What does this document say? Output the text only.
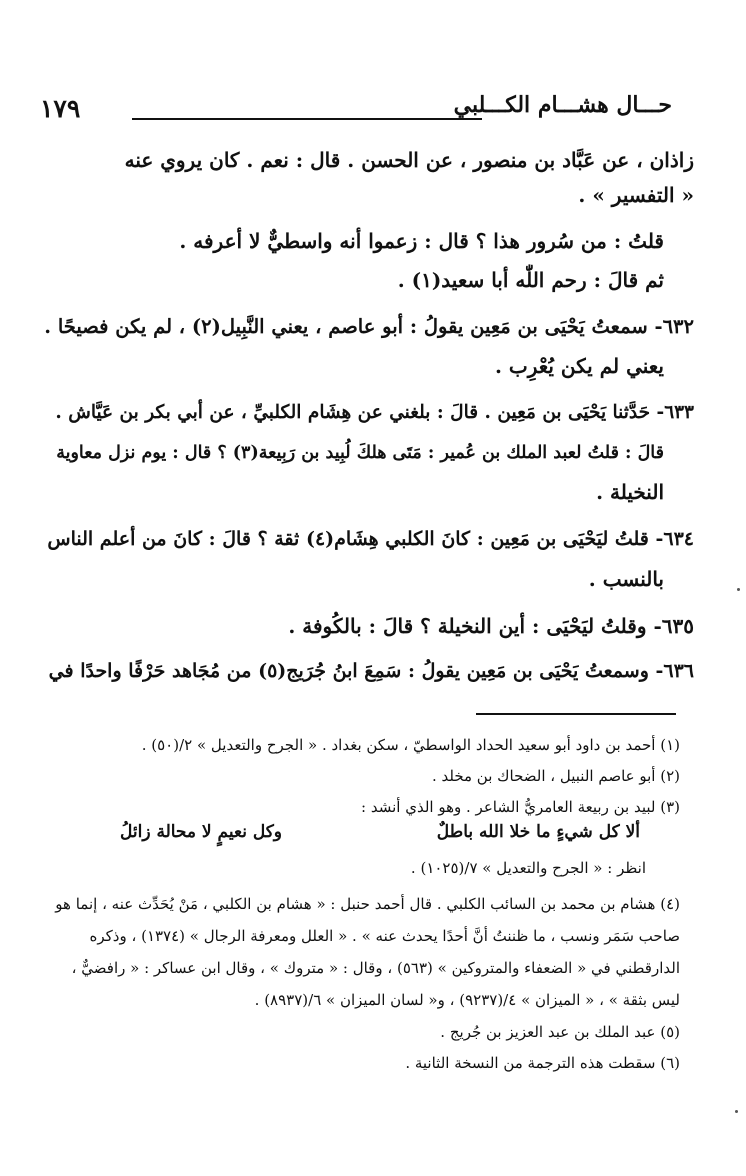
١٧٩	حـــال هشـــام الكـــلبي
زاذان ، عن عَبَّاد بن منصور ، عن الحسن . قال : نعم . كان يروي عنه
« التفسير » .
قلتُ : من سُرور هذا ؟ قال : زعموا أنه واسطيٌّ لا أعرفه .
ثم قالَ : رحم اللّٰه أبا سعيد(١) .
٦٣٢- سمعتُ يَحْيَى بن مَعِين يقولُ : أبو عاصم ، يعني النَّبِيل(٢) ، لم يكن فصيحًا .
يعني لم يكن يُعْرِب .
٦٣٣- حَدَّثنا يَحْيَى بن مَعِين . قالَ : بلغني عن هِشَام الكلبيِّ ، عن أبي بكر بن عَيَّاش .
قالَ : قلتُ لعبد الملك بن عُمير : مَتَى هلكَ لُبِيد بن رَبِيعة(٣) ؟ قال : يوم نزل معاوية
النخيلة .
٦٣٤- قلتُ ليَحْيَى بن مَعِين : كانَ الكلبي هِشَام(٤) ثقة ؟ قالَ : كانَ من أعلم الناس
بالنسب .
٦٣٥- وقلتُ ليَحْيَى : أين النخيلة ؟ قالَ : بالكُوفة .
٦٣٦- وسمعتُ يَحْيَى بن مَعِين يقولُ : سَمِعَ ابنُ جُرَيج(٥) من مُجَاهد حَرْفًا واحدًا في
(١) أحمد بن داود أبو سعيد الحداد الواسطيّ ، سكن بغداد . « الجرح والتعديل » ٢/(٥٠) .
(٢) أبو عاصم النبيل ، الضحاك بن مخلد .
(٣) لبيد بن ربيعة العامريُّ الشاعر . وهو الذي أنشد :
ألا كل شيءٍ ما خلا الله باطلٌ
وكل نعيمٍ لا محالة زائلُ
انظر : « الجرح والتعديل » ٧/(١٠٢٥) .
(٤) هشام بن محمد بن السائب الكلبي . قال أحمد حنبل : « هشام بن الكلبي ، مَنْ يُحَدِّث عنه ، إنما هو
صاحب سَمَر ونسب ، ما ظننتُ أنَّ أحدًا يحدث عنه » . « العلل ومعرفة الرجال » (١٣٧٤) ، وذكره
الدارقطني في « الضعفاء والمتروكين » (٥٦٣) ، وقال : « متروك » ، وقال ابن عساكر : « رافضيٌّ ،
ليس بثقة » ، « الميزان » ٤/(٩٢٣٧) ، و« لسان الميزان » ٦/(٨٩٣٧) .
(٥) عبد الملك بن عبد العزيز بن جُريج .
(٦) سقطت هذه الترجمة من النسخة الثانية .
